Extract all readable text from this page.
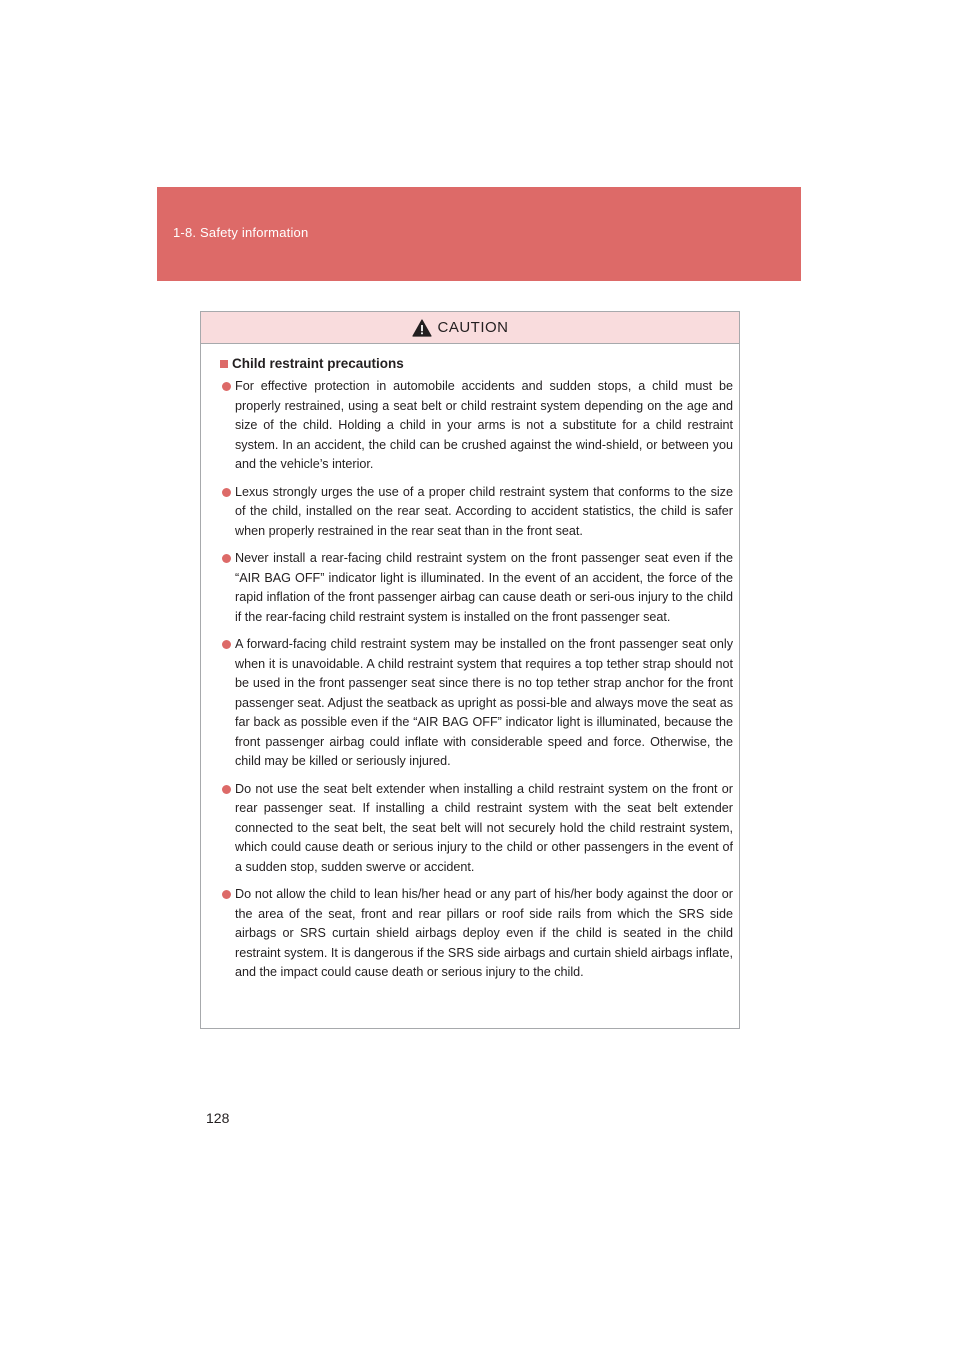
1-8. Safety information
CAUTION
Child restraint precautions
For effective protection in automobile accidents and sudden stops, a child must be properly restrained, using a seat belt or child restraint system depending on the age and size of the child. Holding a child in your arms is not a substitute for a child restraint system. In an accident, the child can be crushed against the wind-shield, or between you and the vehicle’s interior.
Lexus strongly urges the use of a proper child restraint system that conforms to the size of the child, installed on the rear seat. According to accident statistics, the child is safer when properly restrained in the rear seat than in the front seat.
Never install a rear-facing child restraint system on the front passenger seat even if the “AIR BAG OFF” indicator light is illuminated. In the event of an accident, the force of the rapid inflation of the front passenger airbag can cause death or seri-ous injury to the child if the rear-facing child restraint system is installed on the front passenger seat.
A forward-facing child restraint system may be installed on the front passenger seat only when it is unavoidable. A child restraint system that requires a top tether strap should not be used in the front passenger seat since there is no top tether strap anchor for the front passenger seat. Adjust the seatback as upright as possi-ble and always move the seat as far back as possible even if the “AIR BAG OFF” indicator light is illuminated, because the front passenger airbag could inflate with considerable speed and force. Otherwise, the child may be killed or seriously injured.
Do not use the seat belt extender when installing a child restraint system on the front or rear passenger seat. If installing a child restraint system with the seat belt extender connected to the seat belt, the seat belt will not securely hold the child restraint system, which could cause death or serious injury to the child or other passengers in the event of a sudden stop, sudden swerve or accident.
Do not allow the child to lean his/her head or any part of his/her body against the door or the area of the seat, front and rear pillars or roof side rails from which the SRS side airbags or SRS curtain shield airbags deploy even if the child is seated in the child restraint system. It is dangerous if the SRS side airbags and curtain shield airbags inflate, and the impact could cause death or serious injury to the child.
128
